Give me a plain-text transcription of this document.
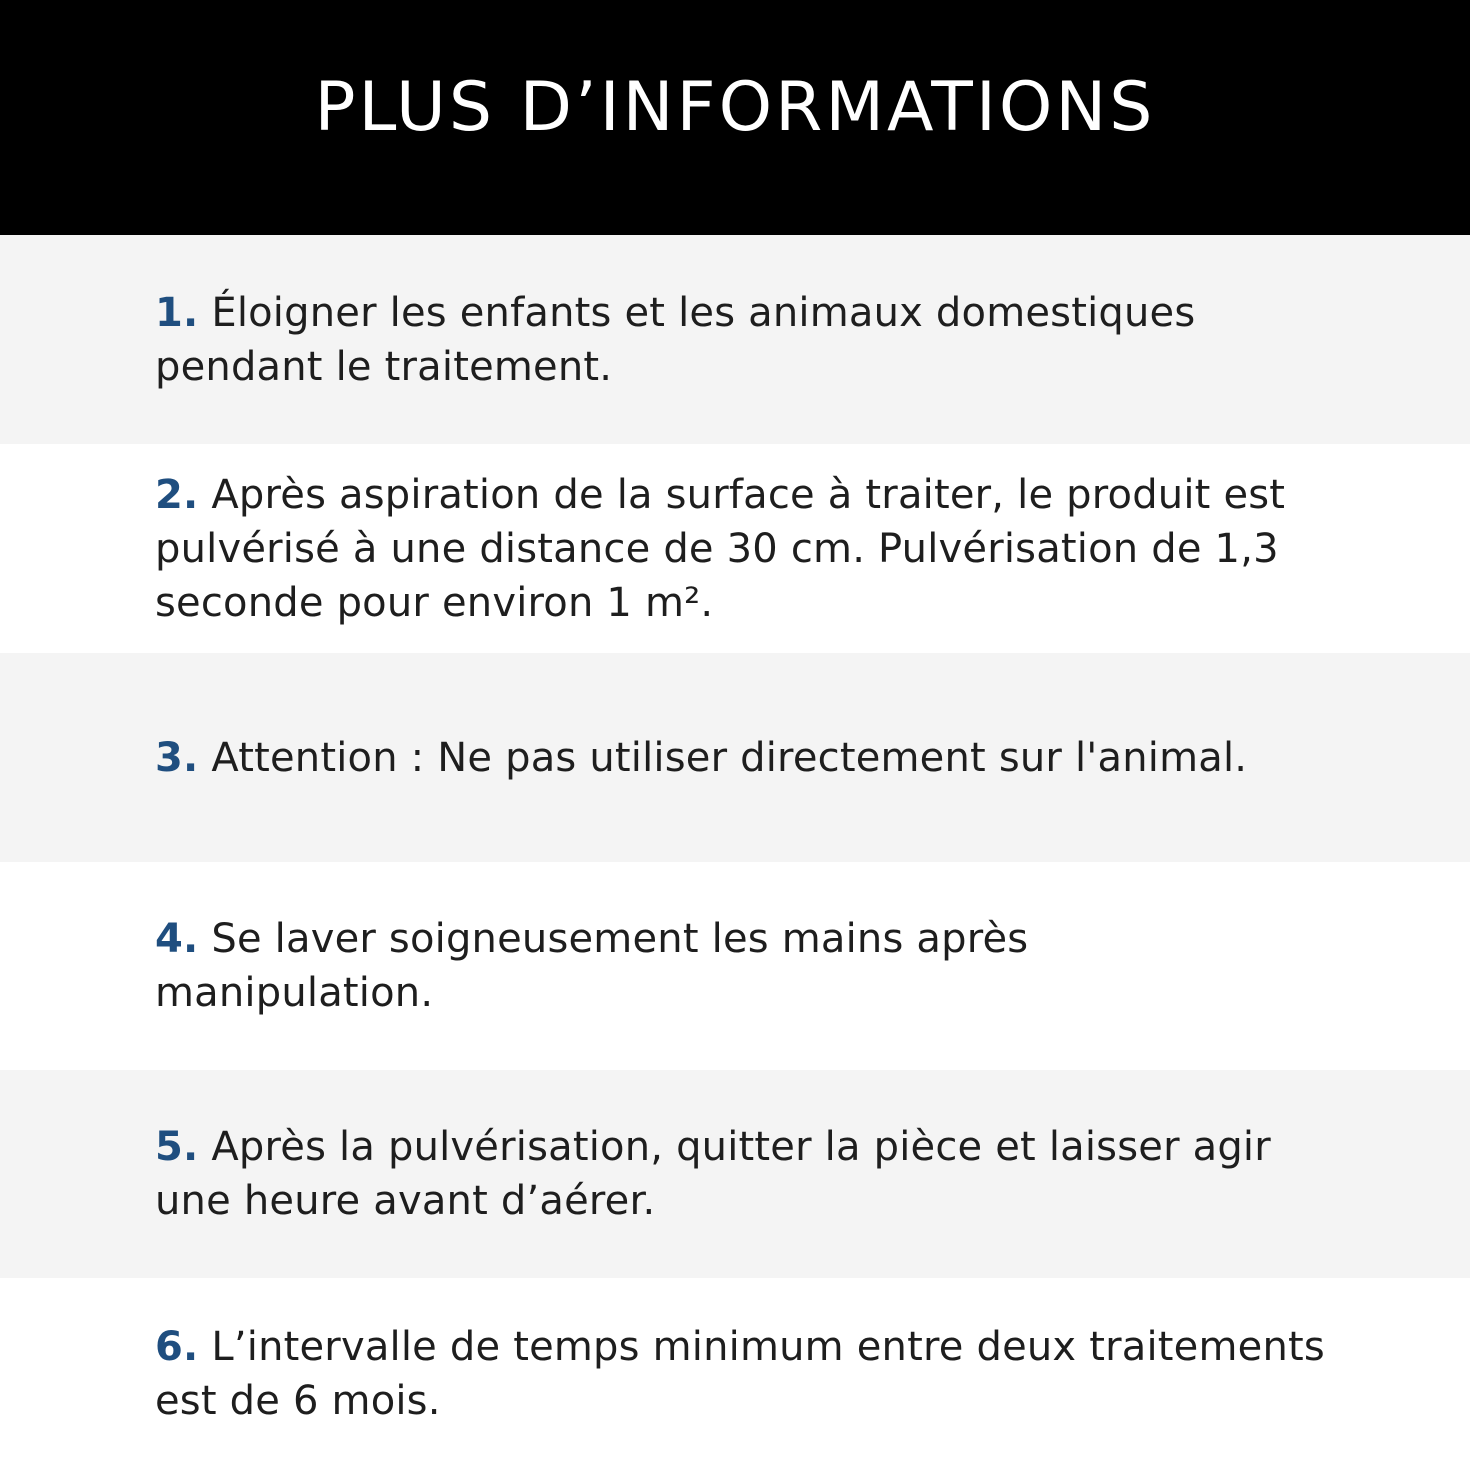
PLUS D’INFORMATIONS

1. Éloigner les enfants et les animaux domestiques pendant le traitement.

2. Après aspiration de la surface à traiter, le produit est pulvérisé à une distance de 30 cm. Pulvérisation de 1,3 seconde pour environ 1 m².

3. Attention : Ne pas utiliser directement sur l'animal.

4. Se laver soigneusement les mains après manipulation.

5. Après la pulvérisation, quitter la pièce et laisser agir une heure avant d’aérer.

6. L’intervalle de temps minimum entre deux traitements est de 6 mois.
